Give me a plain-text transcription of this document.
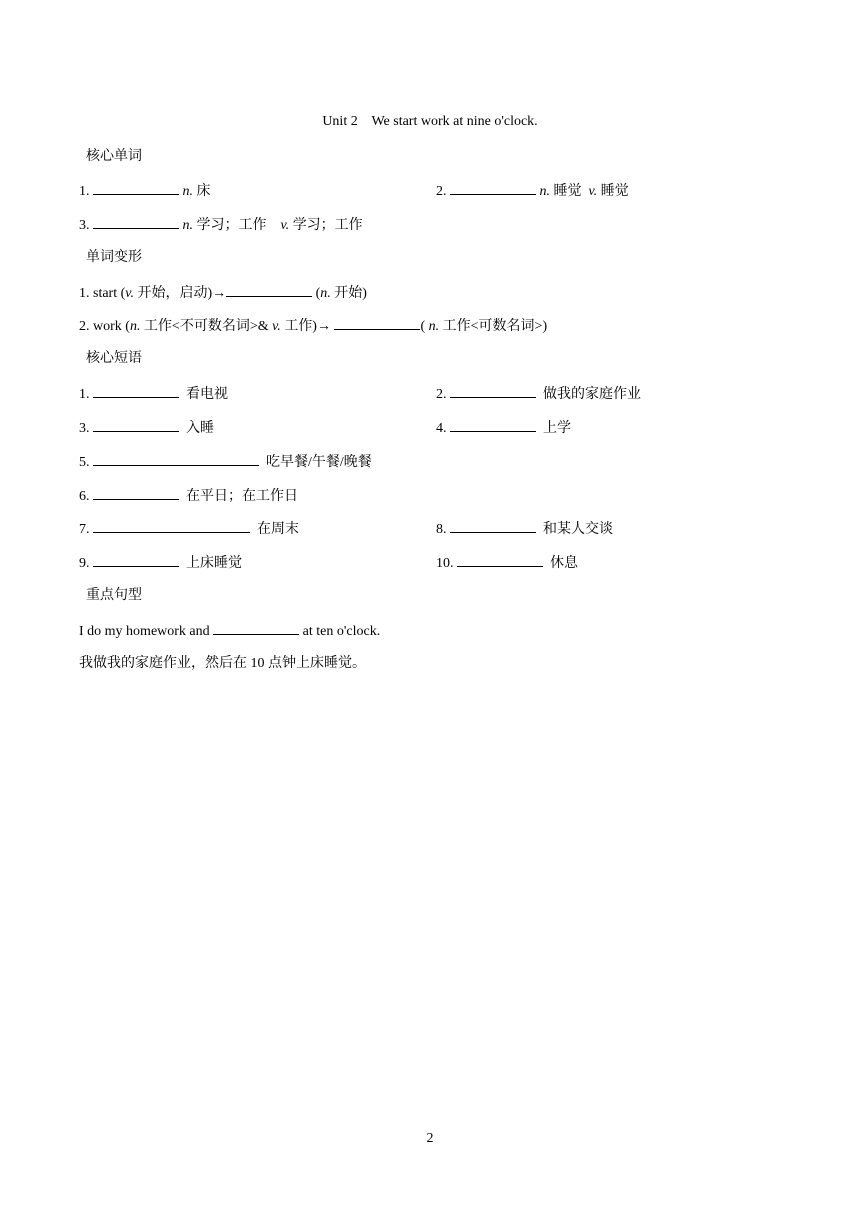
Unit 2    We start work at nine o'clock.
核心单词
1.	n. 床	2.	n. 睡觉 v. 睡觉
3.	n. 学习；工作 v. 学习；工作
单词变形
1. start (v. 开始，启动)→	(n. 开始)
2. work (n. 工作<不可数名词>& v. 工作)→	( n. 工作<可数名词>)
核心短语
1.	看电视	2.	做我的家庭作业
3.	入睡	4.	上学
5.	吃早餐/午餐/晚餐
6.	在平日；在工作日
7.	在周末	8.	和某人交谈
9.	上床睡觉	10.	休息
重点句型
I do my homework and	at ten o'clock.
我做我的家庭作业，然后在 10 点钟上床睡觉。
2
